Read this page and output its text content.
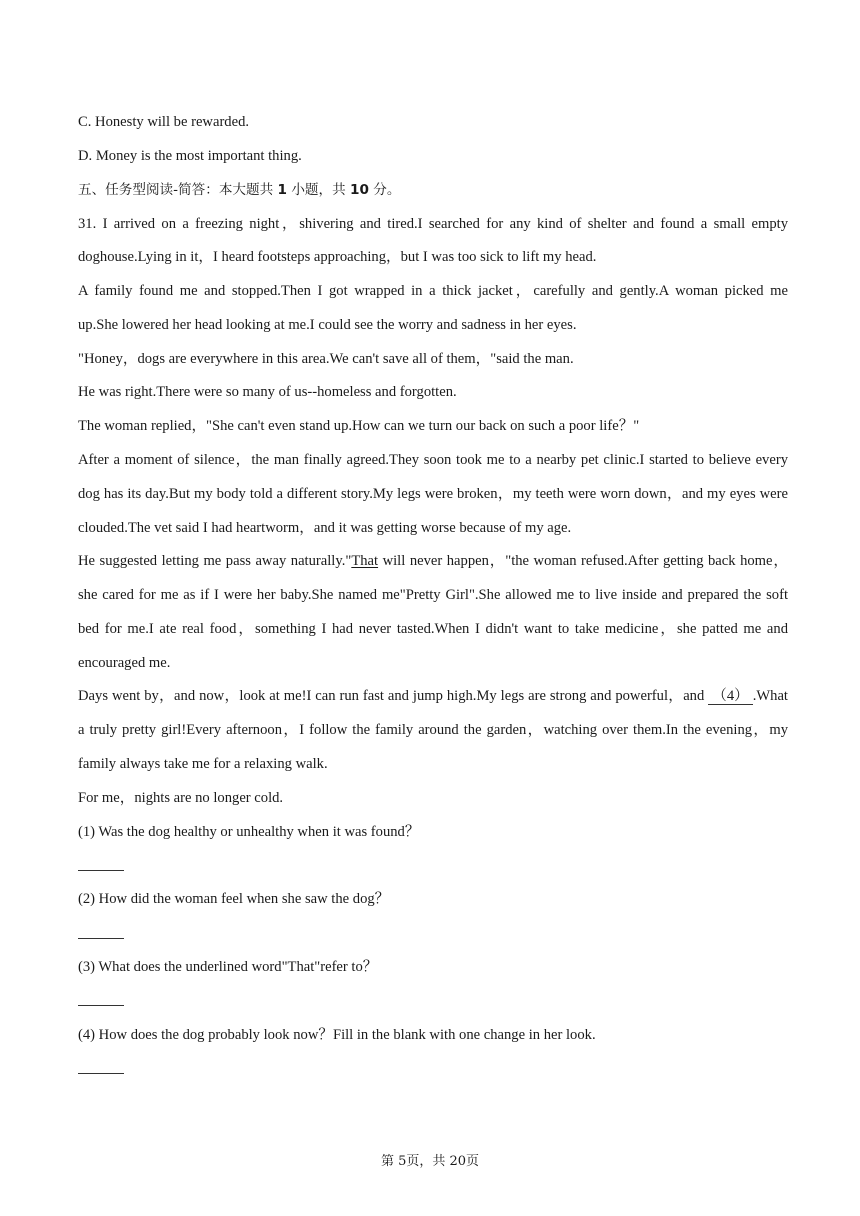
C. Honesty will be rewarded.
D. Money is the most important thing.
五、任务型阅读-简答：本大题共 1 小题，共 10 分。
31. I arrived on a freezing night，shivering and tired.I searched for any kind of shelter and found a small empty
doghouse.Lying in it，I heard footsteps approaching，but I was too sick to lift my head.
A family found me and stopped.Then I got wrapped in a thick jacket，carefully and gently.A woman picked me
up.She lowered her head looking at me.I could see the worry and sadness in her eyes.
"Honey，dogs are everywhere in this area.We can't save all of them，"said the man.
He was right.There were so many of us--homeless and forgotten.
The woman replied，"She can't even stand up.How can we turn our back on such a poor life？"
After a moment of silence，the man finally agreed.They soon took me to a nearby pet clinic.I started to believe every
dog has its day.But my body told a different story.My legs were broken，my teeth were worn down，and my eyes were
clouded.The vet said I had heartworm，and it was getting worse because of my age.
He suggested letting me pass away naturally."That will never happen，"the woman refused.After getting back home，
she cared for me as if I were her baby.She named me"Pretty Girl".She allowed me to live inside and prepared the soft
bed for me.I ate real food，something I had never tasted.When I didn't want to take medicine，she patted me and
encouraged me.
Days went by，and now，look at me!I can run fast and jump high.My legs are strong and powerful，and （4） .What
a truly pretty girl!Every afternoon，I follow the family around the garden，watching over them.In the evening，my
family always take me for a relaxing walk.
For me，nights are no longer cold.
(1) Was the dog healthy or unhealthy when it was found？
(2) How did the woman feel when she saw the dog？
(3) What does the underlined word"That"refer to？
(4) How does the dog probably look now？Fill in the blank with one change in her look.
第 5页，共 20页
